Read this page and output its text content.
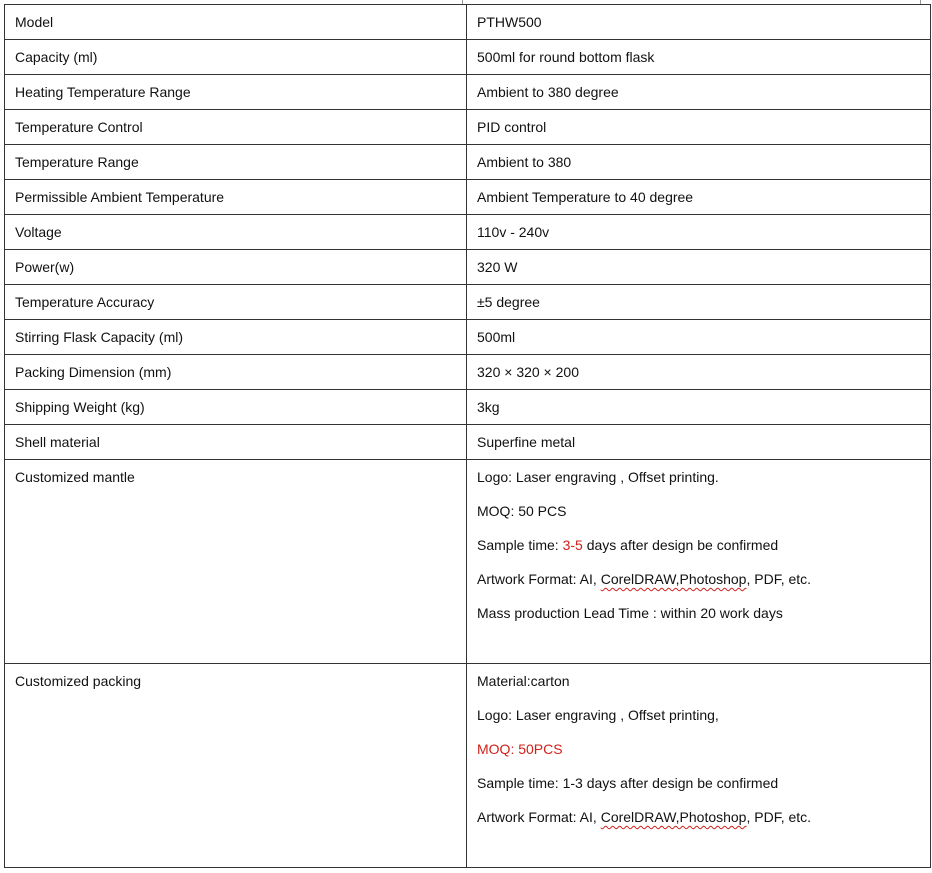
Model	PTHW500
Capacity (ml)	500ml for round bottom flask
Heating Temperature Range	Ambient to 380 degree
Temperature Control	PID control
Temperature Range	Ambient to 380
Permissible Ambient Temperature	Ambient Temperature to 40 degree
Voltage	110v - 240v
Power(w)	320 W
Temperature Accuracy	±5 degree
Stirring Flask Capacity (ml)	500ml
Packing Dimension (mm)	320 × 320 × 200
Shipping Weight (kg)	3kg
Shell material	Superfine metal
Customized mantle	Logo: Laser engraving , Offset printing.
MOQ: 50 PCS
Sample time: 3-5 days after design be confirmed
Artwork Format: AI, CorelDRAW,Photoshop, PDF, etc.
Mass production Lead Time : within 20 work days

Customized packing	Material:carton
Logo: Laser engraving , Offset printing,
MOQ: 50PCS
Sample time: 1-3 days after design be confirmed
Artwork Format: AI, CorelDRAW,Photoshop, PDF, etc.
